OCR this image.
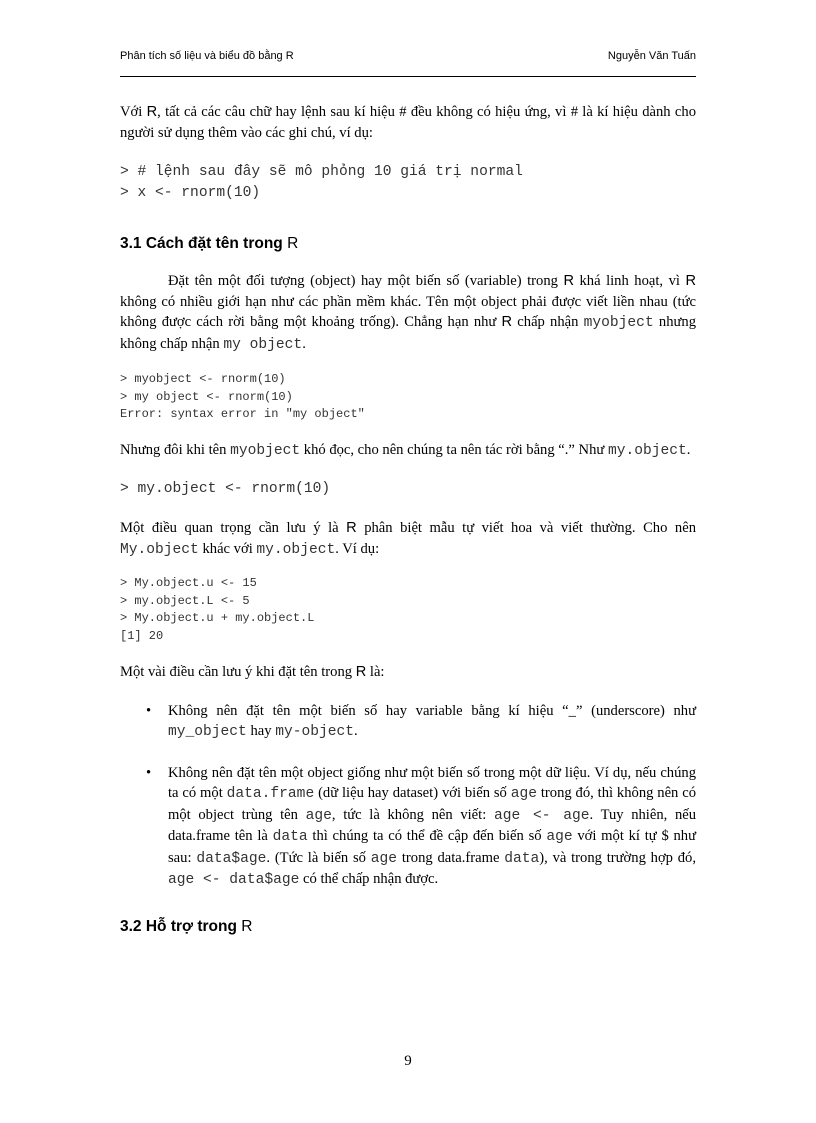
Phân tích số liệu và biểu đồ bằng R	Nguyễn Văn Tuấn

Với R, tất cả các câu chữ hay lệnh sau kí hiệu # đều không có hiệu ứng, vì # là kí hiệu dành cho người sử dụng thêm vào các ghi chú, ví dụ:

> # lệnh sau đây sẽ mô phỏng 10 giá trị normal
> x <- rnorm(10)
3.1 Cách đặt tên trong R

Đặt tên một đối tượng (object) hay một biến số (variable) trong R khá linh hoạt, vì R không có nhiều giới hạn như các phần mềm khác. Tên một object phải được viết liền nhau (tức không được cách rời bằng một khoảng trống). Chẳng hạn như R chấp nhận myobject nhưng không chấp nhận my object.

> myobject <- rnorm(10)
> my object <- rnorm(10)
Error: syntax error in "my object"

Nhưng đôi khi tên myobject khó đọc, cho nên chúng ta nên tác rời bằng “.” Như my.object.

> my.object <- rnorm(10)

Một điều quan trọng cần lưu ý là R phân biệt mẫu tự viết hoa và viết thường. Cho nên My.object khác với my.object. Ví dụ:

> My.object.u <- 15
> my.object.L <- 5
> My.object.u + my.object.L
[1] 20

Một vài điều cần lưu ý khi đặt tên trong R là:

• Không nên đặt tên một biến số hay variable bằng kí hiệu “_” (underscore) như my_object hay my-object.

• Không nên đặt tên một object giống như một biến số trong một dữ liệu. Ví dụ, nếu chúng ta có một data.frame (dữ liệu hay dataset) với biến số age trong đó, thì không nên có một object trùng tên age, tức là không nên viết: age <- age. Tuy nhiên, nếu data.frame tên là data thì chúng ta có thể đề cập đến biến số age với một kí tự $ như sau: data$age. (Tức là biến số age trong data.frame data), và trong trường hợp đó, age <- data$age có thể chấp nhận được.

3.2 Hỗ trợ trong R
9
